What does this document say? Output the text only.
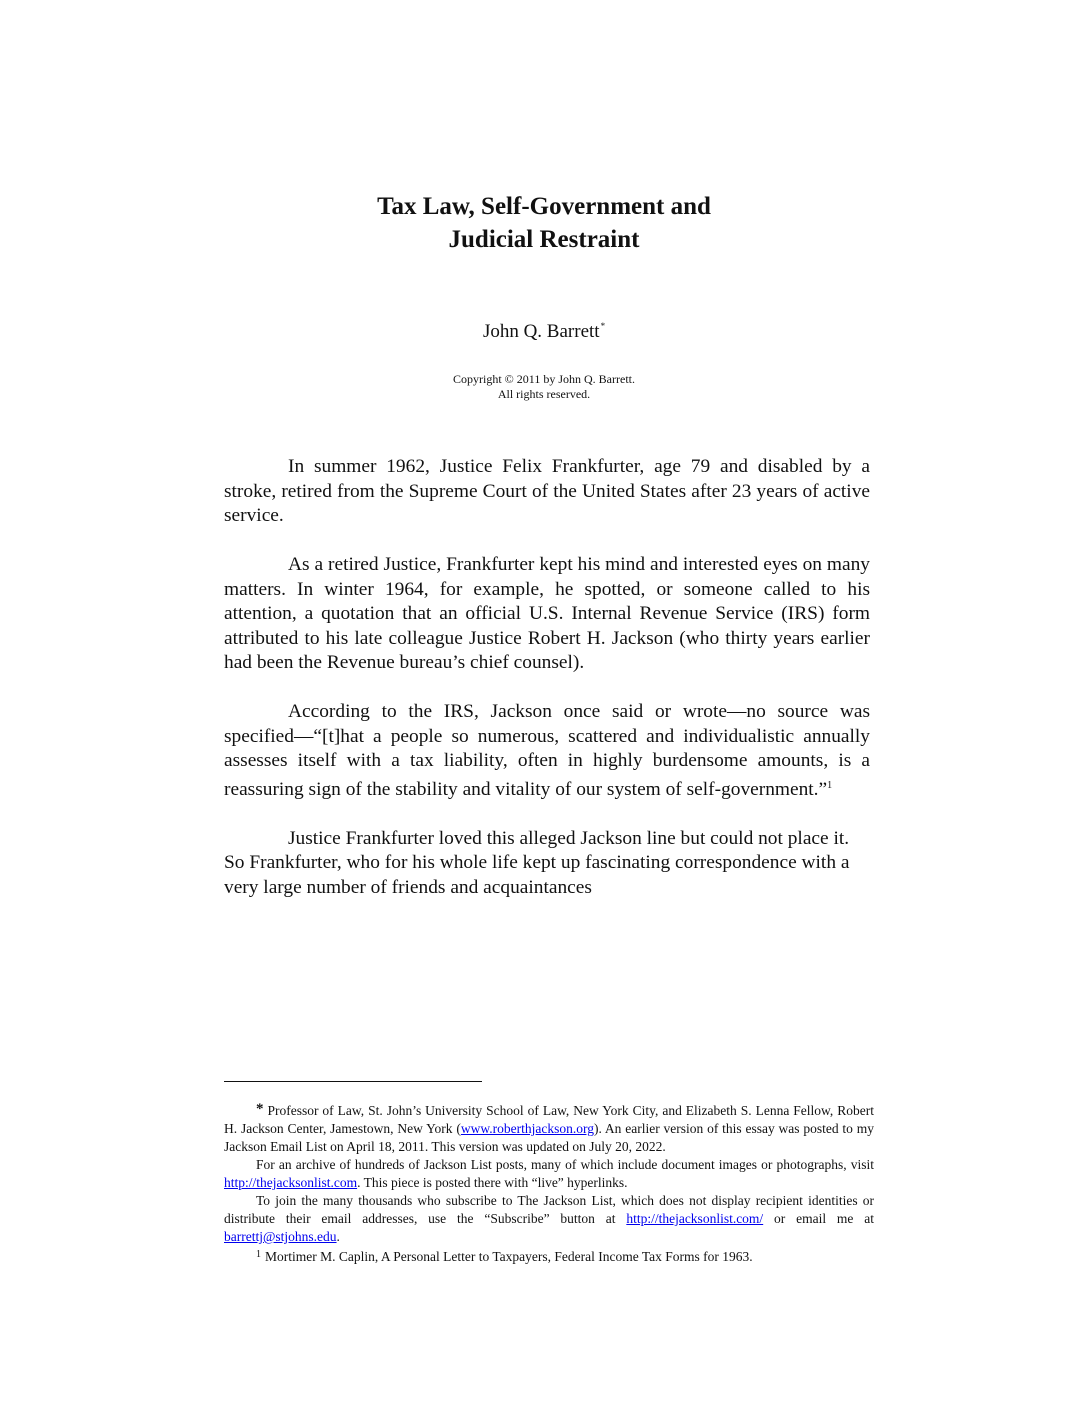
Tax Law, Self-Government and
Judicial Restraint
John Q. Barrett*
Copyright © 2011 by John Q. Barrett.
All rights reserved.

In summer 1962, Justice Felix Frankfurter, age 79 and disabled by a stroke, retired from the Supreme Court of the United States after 23 years of active service.

As a retired Justice, Frankfurter kept his mind and interested eyes on many matters. In winter 1964, for example, he spotted, or someone called to his attention, a quotation that an official U.S. Internal Revenue Service (IRS) form attributed to his late colleague Justice Robert H. Jackson (who thirty years earlier had been the Revenue bureau’s chief counsel).

According to the IRS, Jackson once said or wrote—no source was specified—“[t]hat a people so numerous, scattered and individualistic annually assesses itself with a tax liability, often in highly burdensome amounts, is a reassuring sign of the stability and vitality of our system of self-government.”$^1$

Justice Frankfurter loved this alleged Jackson line but could not place it. So Frankfurter, who for his whole life kept up fascinating correspondence with a very large number of friends and acquaintances

* Professor of Law, St. John’s University School of Law, New York City, and Elizabeth S. Lenna Fellow, Robert H. Jackson Center, Jamestown, New York (www.roberthjackson.org). An earlier version of this essay was posted to my Jackson Email List on April 18, 2011. This version was updated on July 20, 2022.

For an archive of hundreds of Jackson List posts, many of which include document images or photographs, visit http://thejacksonlist.com. This piece is posted there with “live” hyperlinks.

To join the many thousands who subscribe to The Jackson List, which does not display recipient identities or distribute their email addresses, use the “Subscribe” button at http://thejacksonlist.com/ or email me at barrettj@stjohns.edu.

$^1$ Mortimer M. Caplin, A Personal Letter to Taxpayers, Federal Income Tax Forms for 1963.
